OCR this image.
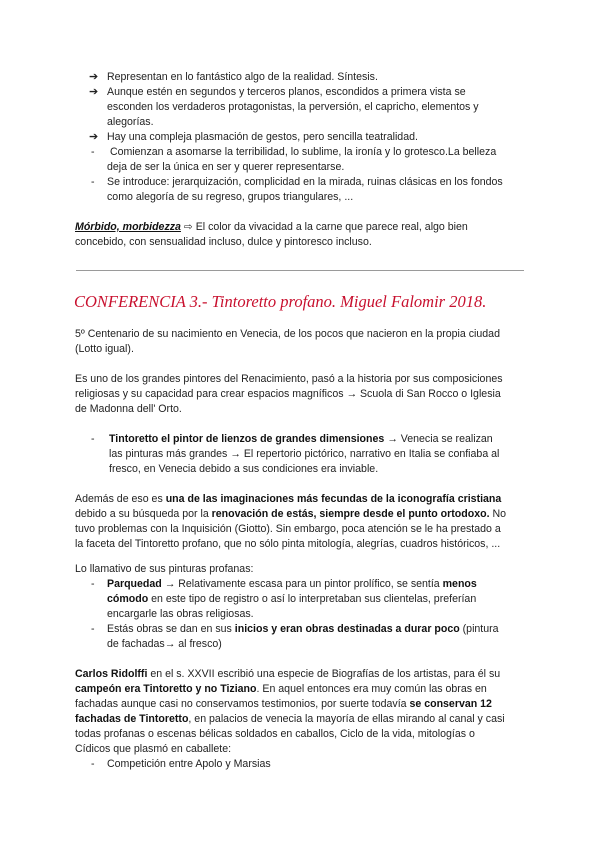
➔ Representan en lo fantástico algo de la realidad. Síntesis.
➔ Aunque estén en segundos y terceros planos, escondidos a primera vista se
esconden los verdaderos protagonistas, la perversión, el capricho, elementos y
alegorías.
➔ Hay una compleja plasmación de gestos, pero sencilla teatralidad.
- Comienzan a asomarse la terribilidad, lo sublime, la ironía y lo grotesco.La belleza
deja de ser la única en ser y querer representarse.
- Se introduce: jerarquización, complicidad en la mirada, ruinas clásicas en los fondos
como alegoría de su regreso, grupos triangulares, ...
Mórbido, morbidezza ⇨ El color da vivacidad a la carne que parece real, algo bien
concebido, con sensualidad incluso, dulce y pintoresco incluso.
CONFERENCIA 3.- Tintoretto profano. Miguel Falomir 2018.
5º Centenario de su nacimiento en Venecia, de los pocos que nacieron en la propia ciudad
(Lotto igual).
Es uno de los grandes pintores del Renacimiento, pasó a la historia por sus composiciones
religiosas y su capacidad para crear espacios magníficos → Scuola di San Rocco o Iglesia
de Madonna dell' Orto.
- Tintoretto el pintor de lienzos de grandes dimensiones → Venecia se realizan
las pinturas más grandes → El repertorio pictórico, narrativo en Italia se confiaba al
fresco, en Venecia debido a sus condiciones era inviable.
Además de eso es una de las imaginaciones más fecundas de la iconografía cristiana
debido a su búsqueda por la renovación de estás, siempre desde el punto ortodoxo. No
tuvo problemas con la Inquisición (Giotto). Sin embargo, poca atención se le ha prestado a
la faceta del Tintoretto profano, que no sólo pinta mitología, alegrías, cuadros históricos, ...
Lo llamativo de sus pinturas profanas:
- Parquedad → Relativamente escasa para un pintor prolífico, se sentía menos
cómodo en este tipo de registro o así lo interpretaban sus clientelas, preferían
encargarle las obras religiosas.
- Estás obras se dan en sus inicios y eran obras destinadas a durar poco (pintura
de fachadas→ al fresco)
Carlos Ridolffi en el s. XXVII escribió una especie de Biografías de los artistas, para él su
campeón era Tintoretto y no Tiziano. En aquel entonces era muy común las obras en
fachadas aunque casi no conservamos testimonios, por suerte todavía se conservan 12
fachadas de Tintoretto, en palacios de venecia la mayoría de ellas mirando al canal y casi
todas profanas o escenas bélicas soldados en caballos, Ciclo de la vida, mitologías o
Cídicos que plasmó en caballete:
- Competición entre Apolo y Marsias
